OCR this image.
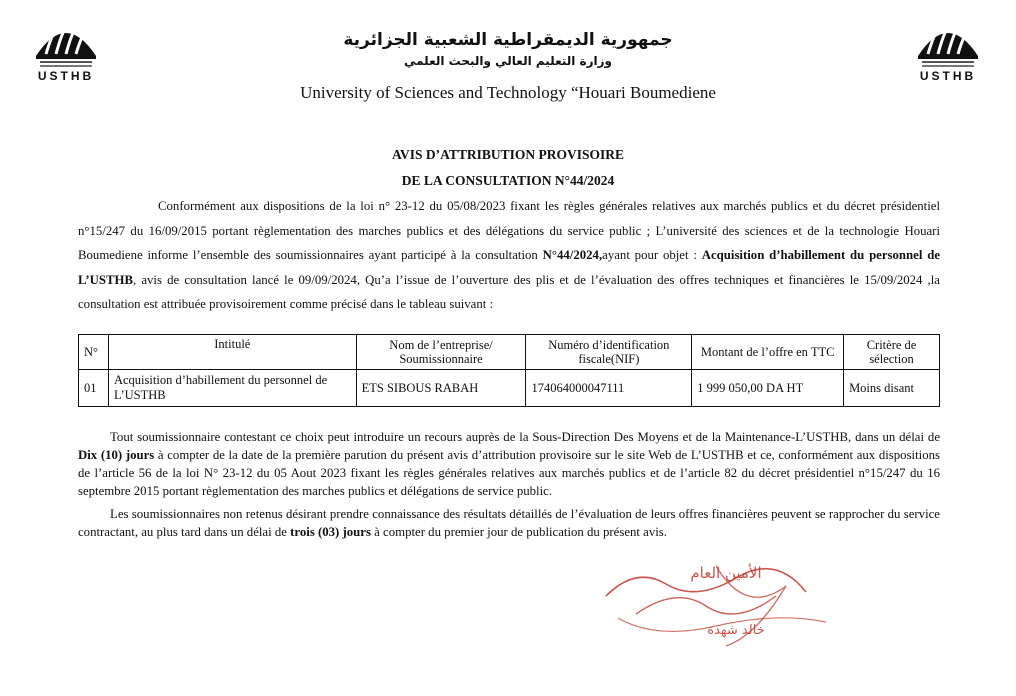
USTHB	USTHB
جمهورية الديمقراطية الشعبية الجزائرية
وزارة التعليم العالي والبحث العلمي
University of Sciences and Technology “Houari Boumediene
AVIS D’ATTRIBUTION PROVISOIRE
DE LA CONSULTATION N°44/2024

Conformément aux dispositions de la loi n° 23-12 du 05/08/2023 fixant les règles générales relatives aux marchés publics et du décret présidentiel n°15/247 du 16/09/2015 portant règlementation des marches publics et des délégations du service public ; L’université des sciences et de la technologie Houari Boumediene informe l’ensemble des soumissionnaires ayant participé à la consultation N°44/2024,ayant pour objet : Acquisition d’habillement du personnel de L’USTHB, avis de consultation lancé le 09/09/2024, Qu’a l’issue de l’ouverture des plis et de l’évaluation des offres techniques et financières le 15/09/2024 ,la consultation est attribuée provisoirement comme précisé dans le tableau suivant :

N°	Intitulé	Nom de l’entreprise/ Soumissionnaire	Numéro d’identification fiscale(NIF)	Montant de l’offre en TTC	Critère de sélection
01	Acquisition d’habillement du personnel de L’USTHB	ETS SIBOUS RABAH	174064000047111	1 999 050,00 DA HT	Moins disant

Tout soumissionnaire contestant ce choix peut introduire un recours auprès de la Sous-Direction Des Moyens et de la Maintenance-L’USTHB, dans un délai de Dix (10) jours à compter de la date de la première parution du présent avis d’attribution provisoire sur le site Web de L’USTHB et ce, conformément aux dispositions de l’article 56 de la loi N° 23-12 du 05 Aout 2023 fixant les règles générales relatives aux marchés publics et de l’article 82 du décret présidentiel n°15/247 du 16 septembre 2015 portant règlementation des marches publics et délégations de service public.

Les soumissionnaires non retenus désirant prendre connaissance des résultats détaillés de l’évaluation de leurs offres financières peuvent se rapprocher du service contractant, au plus tard dans un délai de trois (03) jours à compter du premier jour de publication du présent avis.

الأمين العام
خالد شهدة
